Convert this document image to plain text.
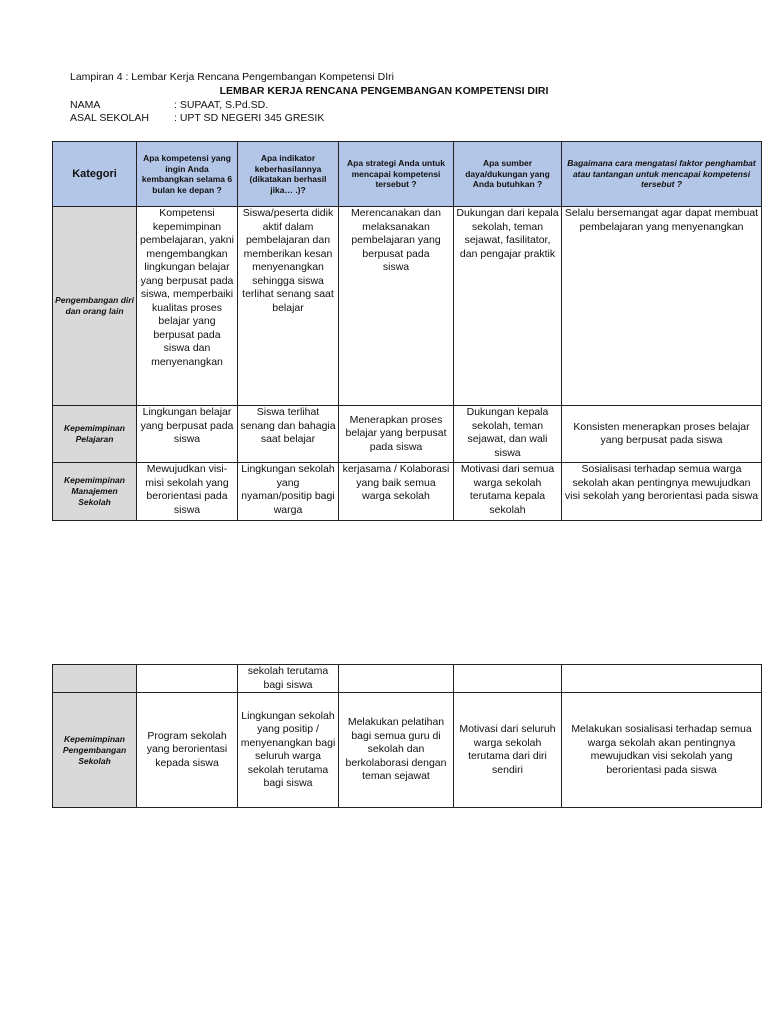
Lampiran 4 : Lembar Kerja Rencana Pengembangan Kompetensi DIri
LEMBAR KERJA RENCANA PENGEMBANGAN KOMPETENSI DIRI
NAMA	: SUPAAT, S.Pd.SD.
ASAL SEKOLAH : UPT SD NEGERI 345 GRESIK
Kategori	Apa kompetensi yang ingin Anda kembangkan selama 6 bulan ke depan ?	Apa indikator keberhasilannya (dikatakan berhasil jika… .)?	Apa strategi Anda untuk mencapai kompetensi tersebut ?	Apa sumber daya/dukungan yang Anda butuhkan ?	Bagaimana cara mengatasi faktor penghambat atau tantangan untuk mencapai kompetensi tersebut ?
Pengembangan diri dan orang lain	Kompetensi kepemimpinan pembelajaran, yakni mengembangkan lingkungan belajar yang berpusat pada siswa, memperbaiki kualitas proses belajar yang berpusat pada siswa dan menyenangkan	Siswa/peserta didik aktif dalam pembelajaran dan memberikan kesan menyenangkan sehingga siswa terlihat senang saat belajar	Merencanakan dan melaksanakan pembelajaran yang berpusat pada siswa	Dukungan dari kepala sekolah, teman sejawat, fasilitator, dan pengajar praktik	Selalu bersemangat agar dapat membuat pembelajaran yang menyenangkan
Kepemimpinan Pelajaran	Lingkungan belajar yang berpusat pada siswa	Siswa terlihat senang dan bahagia saat belajar	Menerapkan proses belajar yang berpusat pada siswa	Dukungan kepala sekolah, teman sejawat, dan wali siswa	Konsisten menerapkan proses belajar yang berpusat pada siswa
Kepemimpinan Manajemen Sekolah	Mewujudkan visi-misi sekolah yang berorientasi pada siswa	Lingkungan sekolah yang nyaman/positip bagi warga	kerjasama / Kolaborasi yang baik semua warga sekolah	Motivasi dari semua warga sekolah terutama kepala sekolah	Sosialisasi terhadap semua warga sekolah akan pentingnya mewujudkan visi sekolah yang berorientasi pada siswa
		sekolah terutama bagi siswa			
Kepemimpinan Pengembangan Sekolah	Program sekolah yang berorientasi kepada siswa	Lingkungan sekolah yang positip / menyenangkan bagi seluruh warga sekolah terutama bagi siswa	Melakukan pelatihan bagi semua guru di sekolah dan berkolaborasi dengan teman sejawat	Motivasi dari seluruh warga sekolah terutama dari diri sendiri	Melakukan sosialisasi terhadap semua warga sekolah akan pentingnya mewujudkan visi sekolah yang berorientasi pada siswa
